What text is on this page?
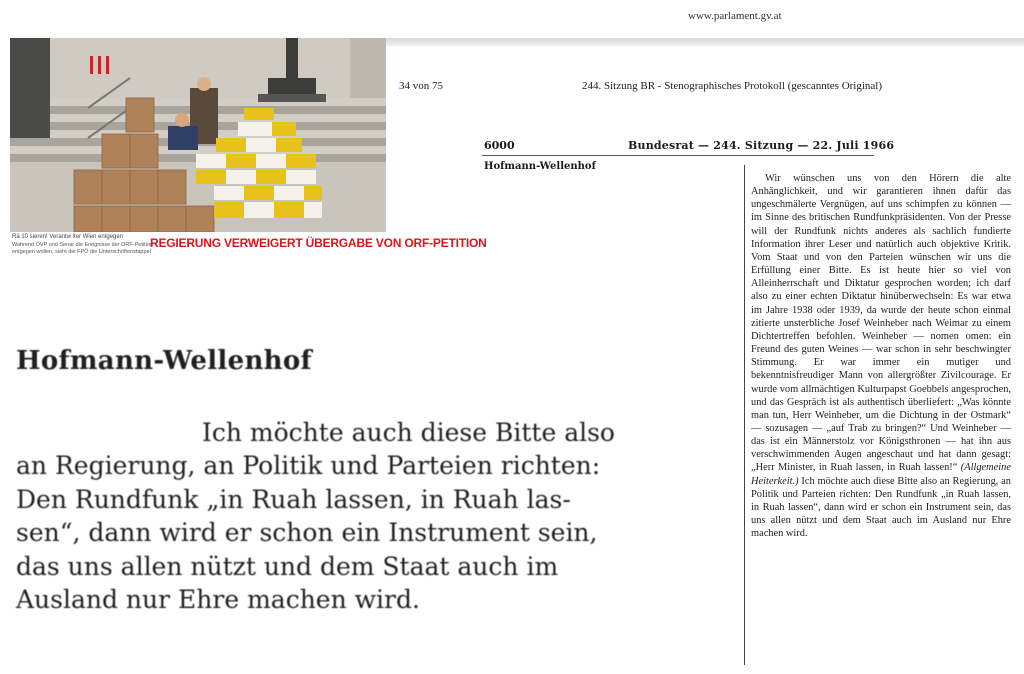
www.parlament.gv.at
34 von 75	244. Sitzung BR - Stenographisches Protokoll (gescanntes Original)
6000	Bundesrat — 244. Sitzung — 22. Juli 1966
Hofmann-Wellenhof

Wir wünschen uns von den Hörern die alte Anhänglichkeit, und wir garantieren ihnen dafür das ungeschmälerte Vergnügen, auf uns schimpfen zu können — im Sinne des britischen Rundfunkpräsidenten. Von der Presse will der Rundfunk nichts anderes als sachlich fundierte Information ihrer Leser und natürlich auch objektive Kritik. Vom Staat und von den Parteien wünschen wir uns die Erfüllung einer Bitte. Es ist heute hier so viel von Alleinherrschaft und Diktatur gesprochen worden; ich darf also zu einer echten Diktatur hinüberwechseln: Es war etwa im Jahre 1938 oder 1939, da wurde der heute schon einmal zitierte unsterbliche Josef Weinheber nach Weimar zu einem Dichtertreffen befohlen. Weinheber — nomen omen: ein Freund des guten Weines — war schon in sehr beschwingter Stimmung. Er war immer ein mutiger und bekenntnisfreudiger Mann von allergrößter Zivilcourage. Er wurde vom allmächtigen Kulturpapst Goebbels angesprochen, und das Gespräch ist als authentisch überliefert: „Was könnte man tun, Herr Weinheber, um die Dichtung in der Ostmark“ — sozusagen — „auf Trab zu bringen?“ Und Weinheber — das ist ein Männerstolz vor Königsthronen — hat ihn aus verschwimmenden Augen angeschaut und hat dann gesagt: „Herr Minister, in Ruah lassen, in Ruah lassen!“ (Allgemeine Heiterkeit.) Ich möchte auch diese Bitte also an Regierung, an Politik und Parteien richten: Den Rundfunk „in Ruah lassen, in Ruah lassen“, dann wird er schon ein Instrument sein, das uns allen nützt und dem Staat auch im Ausland nur Ehre machen wird.

Rä 10 sieren! Verantw lter Wien entgegen
Wahrend ÖVP und Senar die Ereignisse der ORF-Petition
entgegen wollen, sieht die FPÖ die Unterschriftenstappel
REGIERUNG VERWEIGERT ÜBERGABE VON ORF-PETITION
Hofmann-Wellenhof
Ich möchte auch diese Bitte also
an Regierung, an Politik und Parteien richten:
Den Rundfunk „in Ruah lassen, in Ruah las-
sen“, dann wird er schon ein Instrument sein,
das uns allen nützt und dem Staat auch im
Ausland nur Ehre machen wird.
